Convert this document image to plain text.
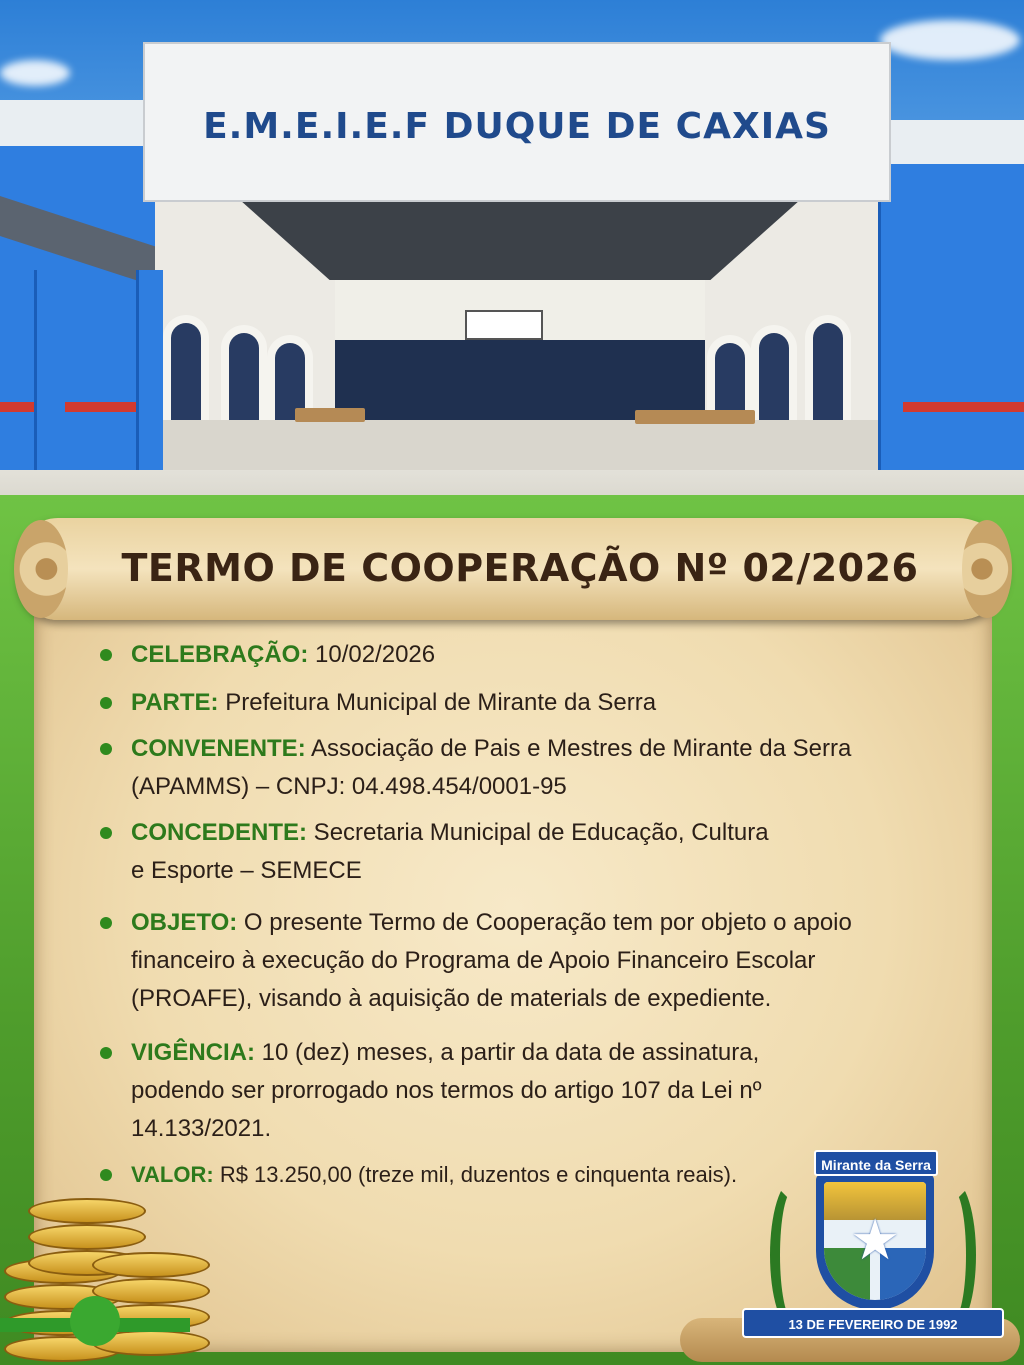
E.M.E.I.E.F DUQUE DE CAXIAS
TERMO DE COOPERAÇÃO Nº 02/2026
CELEBRAÇÃO: 10/02/2026
PARTE: Prefeitura Municipal de Mirante da Serra
CONVENENTE: Associação de Pais e Mestres de Mirante da Serra (APAMMS) – CNPJ: 04.498.454/0001-95
CONCEDENTE: Secretaria Municipal de Educação, Cultura e Esporte – SEMECE
OBJETO: O presente Termo de Cooperação tem por objeto o apoio financeiro à execução do Programa de Apoio Financeiro Escolar (PROAFE), visando à aquisição de materials de expediente.
VIGÊNCIA: 10 (dez) meses, a partir da data de assinatura, podendo ser prorrogado nos termos do artigo 107 da Lei nº 14.133/2021.
VALOR: R$ 13.250,00 (treze mil, duzentos e cinquenta reais).
★
Mirante da Serra
13 DE FEVEREIRO DE 1992
